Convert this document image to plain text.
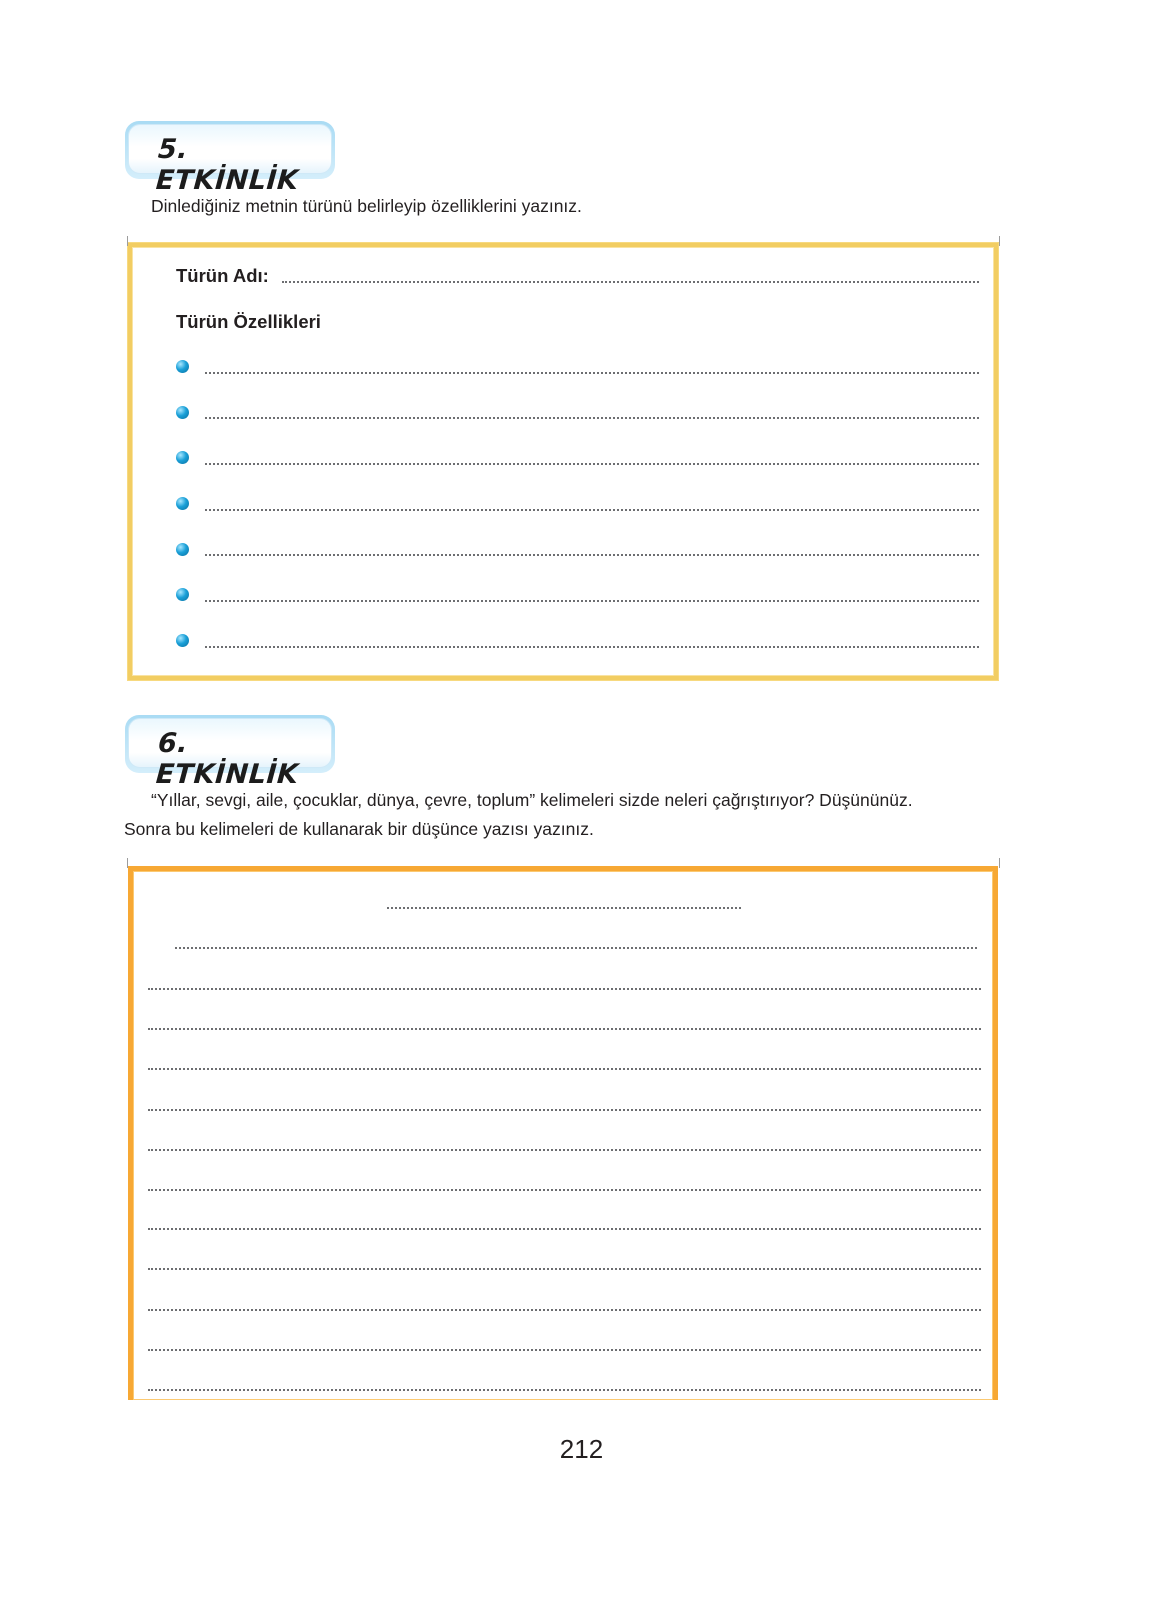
5. ETKİNLİK
Dinlediğiniz metnin türünü belirleyip özelliklerini yazınız.
Türün Adı:
Türün Özellikleri
6. ETKİNLİK
“Yıllar, sevgi, aile, çocuklar, dünya, çevre, toplum” kelimeleri sizde neleri çağrıştırıyor? Düşününüz.
Sonra bu kelimeleri de kullanarak bir düşünce yazısı yazınız.
212
